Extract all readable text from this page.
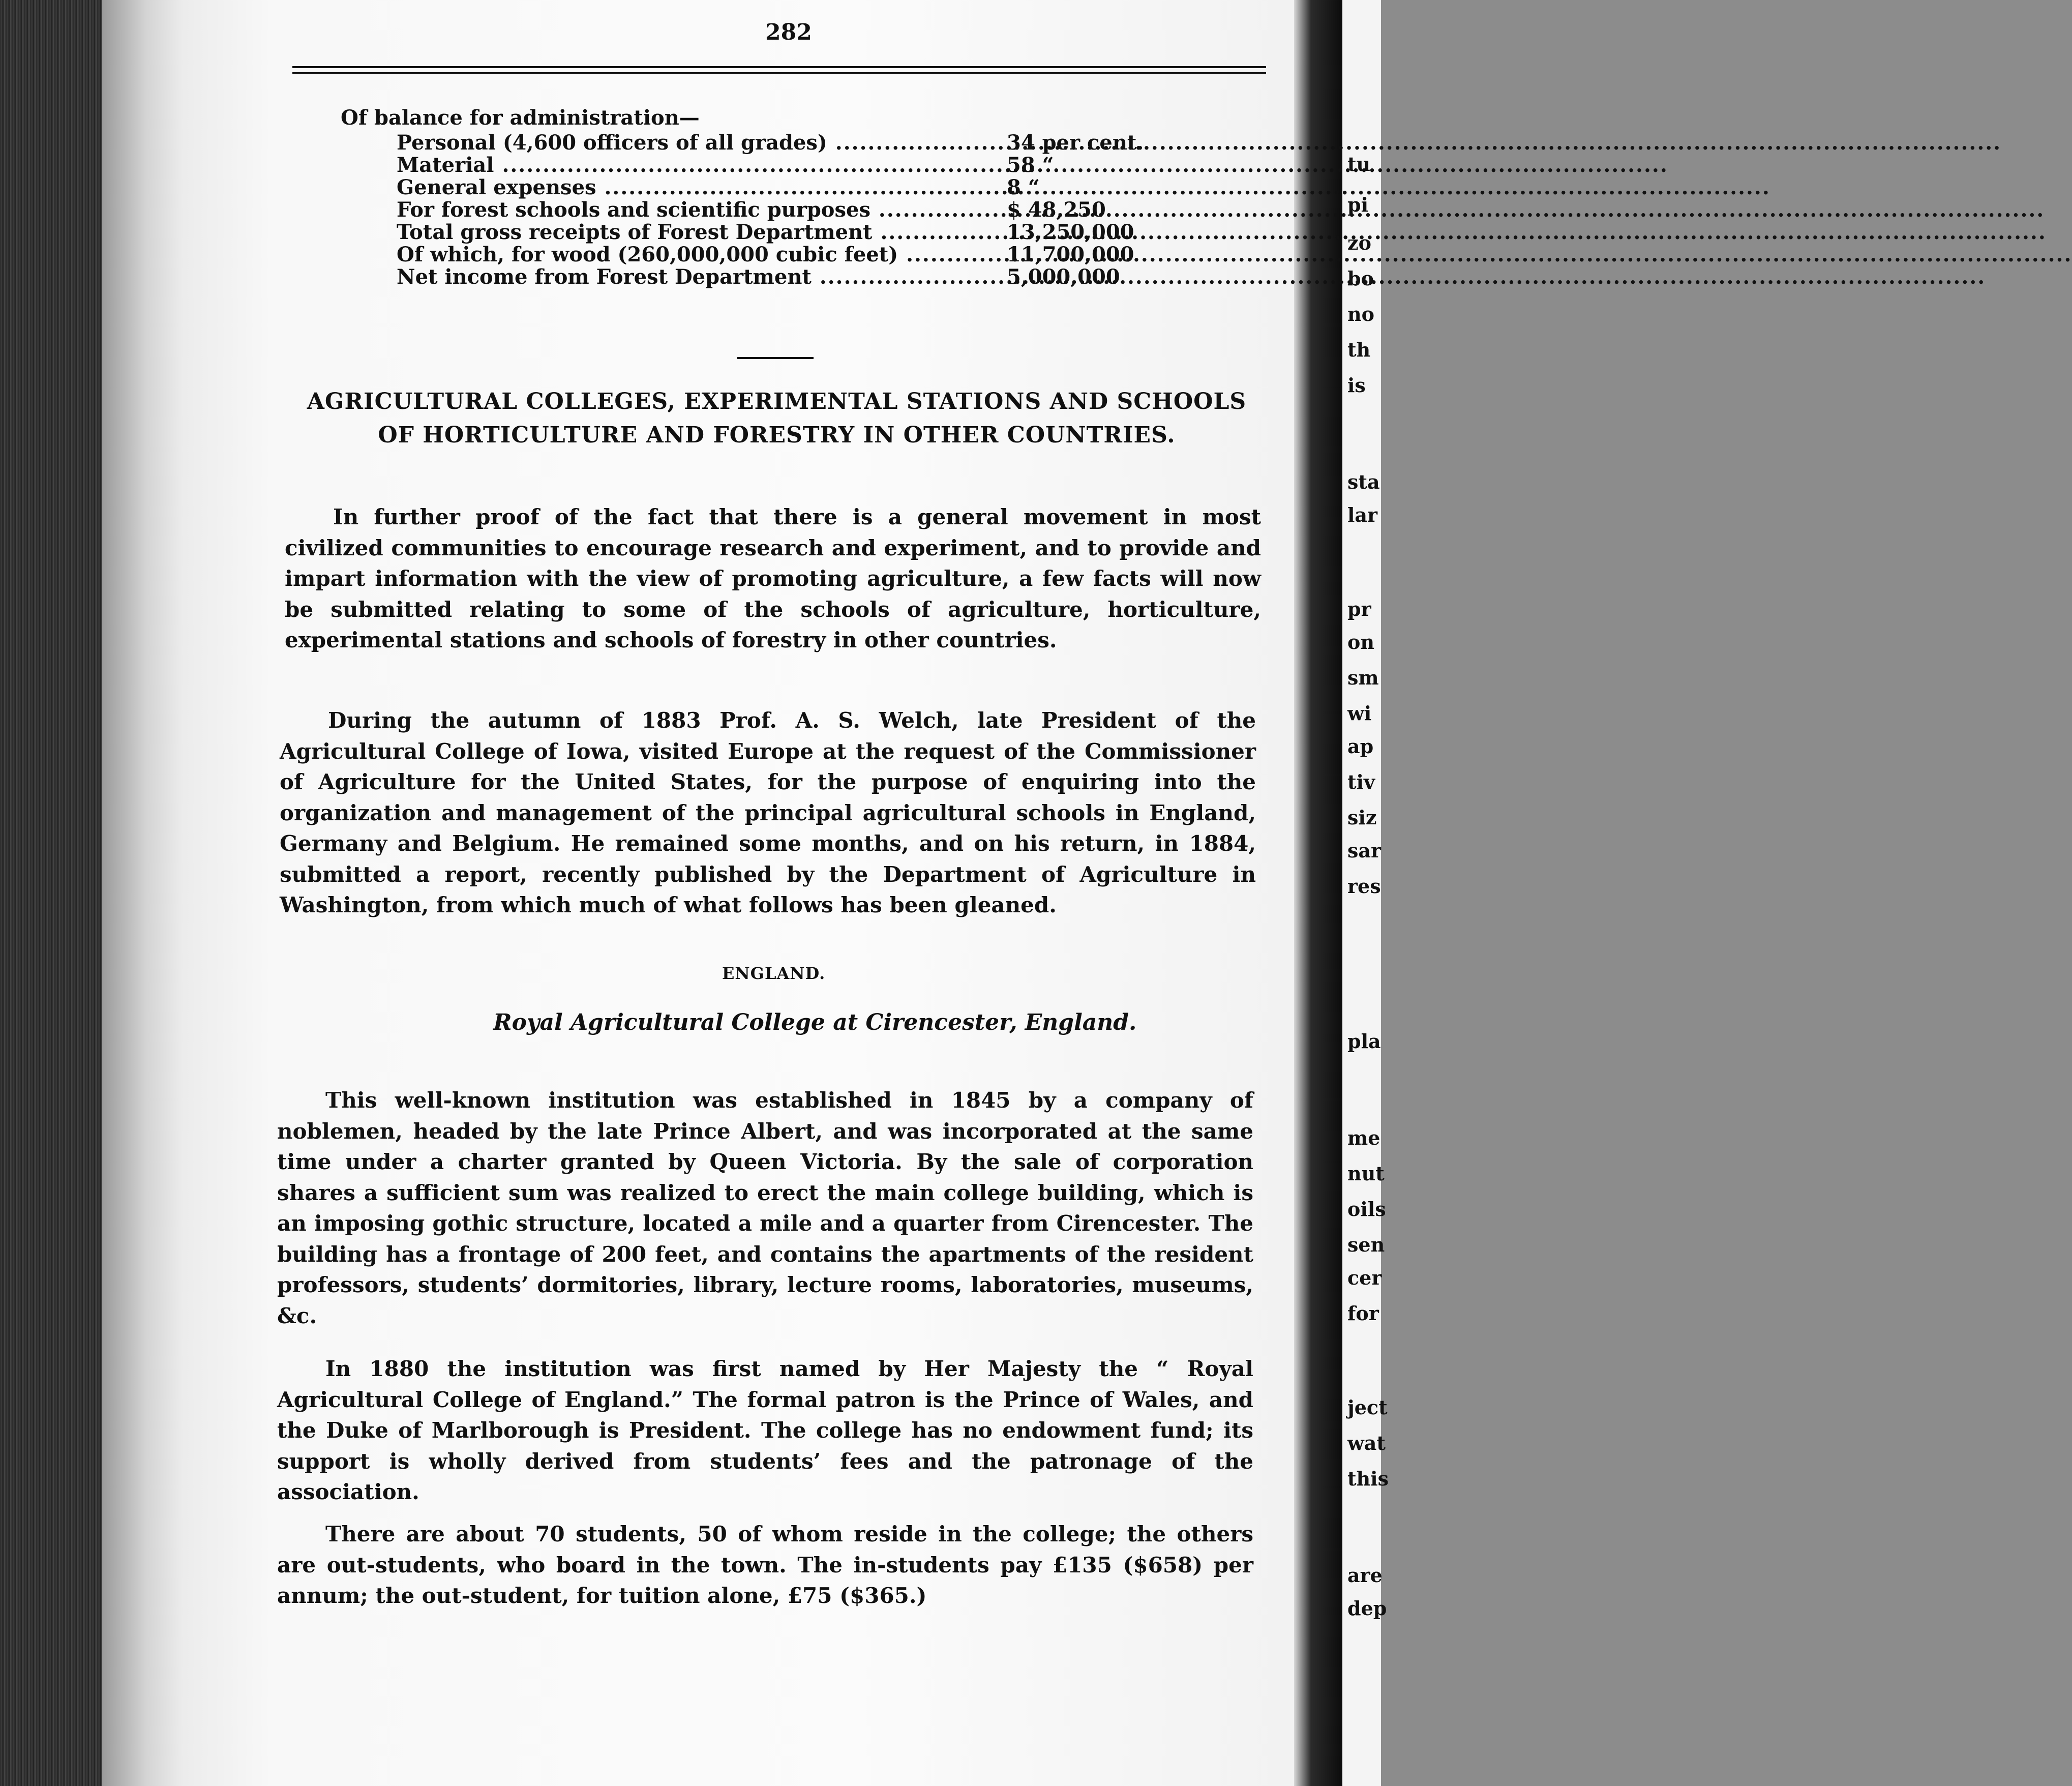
tu
pi
zo
bo
no
th
is
sta
lar
pr
on
sm
wi
ap
tiv
siz
sar
res
pla
me
nut
oils
sen
cer
for
ject
wat
this
are
dep
282
Of balance for administration—
Personal (4,600 officers of all grades) .....	34 per cent.
Material .....	58 “
General expenses .....	8 “
For forest schools and scientific purposes .....	$ 48,250
Total gross receipts of Forest Department .....	13,250,000
Of which, for wood (260,000,000 cubic feet) .....	11,700,000
Net income from Forest Department .....	5,000,000
AGRICULTURAL COLLEGES, EXPERIMENTAL STATIONS AND SCHOOLS
OF HORTICULTURE AND FORESTRY IN OTHER COUNTRIES.

In further proof of the fact that there is a general movement in most civilized communities to encourage research and experiment, and to provide and impart information with the view of promoting agriculture, a few facts will now be submitted relating to some of the schools of agriculture, horticulture, experimental stations and schools of forestry in other countries.

During the autumn of 1883 Prof. A. S. Welch, late President of the Agricultural College of Iowa, visited Europe at the request of the Commissioner of Agriculture for the United States, for the purpose of enquiring into the organization and management of the principal agricultural schools in England, Germany and Belgium. He remained some months, and on his return, in 1884, submitted a report, recently published by the Department of Agriculture in Washington, from which much of what follows has been gleaned.

ENGLAND.
Royal Agricultural College at Cirencester, England.

This well-known institution was established in 1845 by a company of noblemen, headed by the late Prince Albert, and was incorporated at the same time under a charter granted by Queen Victoria. By the sale of corporation shares a sufficient sum was realized to erect the main college building, which is an imposing gothic structure, located a mile and a quarter from Cirencester. The building has a frontage of 200 feet, and contains the apartments of the resident professors, students’ dormitories, library, lecture rooms, laboratories, museums, &c.

In 1880 the institution was first named by Her Majesty the “ Royal Agricultural College of England.” The formal patron is the Prince of Wales, and the Duke of Marlborough is President. The college has no endowment fund; its support is wholly derived from students’ fees and the patronage of the association.

There are about 70 students, 50 of whom reside in the college; the others are out-students, who board in the town. The in-students pay £135 ($658) per annum; the out-student, for tuition alone, £75 ($365.)
